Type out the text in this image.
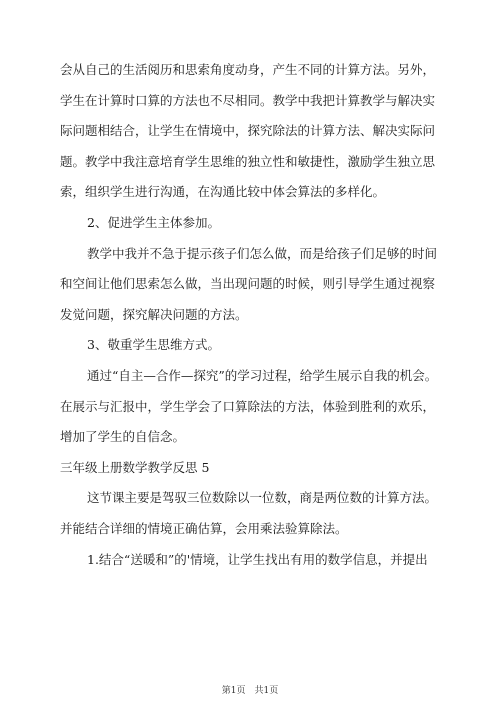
会从自己的生活阅历和思索角度动身，产生不同的计算方法。另外，
学生在计算时口算的方法也不尽相同。教学中我把计算教学与解决实
际问题相结合，让学生在情境中，探究除法的计算方法、解决实际问
题。教学中我注意培育学生思维的独立性和敏捷性，激励学生独立思
索，组织学生进行沟通，在沟通比较中体会算法的多样化。
2、促进学生主体参加。
教学中我并不急于提示孩子们怎么做，而是给孩子们足够的时间
和空间让他们思索怎么做，当出现问题的时候，则引导学生通过视察
发觉问题，探究解决问题的方法。
3、敬重学生思维方式。
通过“自主—合作—探究”的学习过程，给学生展示自我的机会。
在展示与汇报中，学生学会了口算除法的方法，体验到胜利的欢乐，
增加了学生的自信念。
三年级上册数学教学反思 5
这节课主要是驾驭三位数除以一位数，商是两位数的计算方法。
并能结合详细的情境正确估算，会用乘法验算除法。
1.结合“送暖和”的'情境，让学生找出有用的数学信息，并提出
第1页　共1页
